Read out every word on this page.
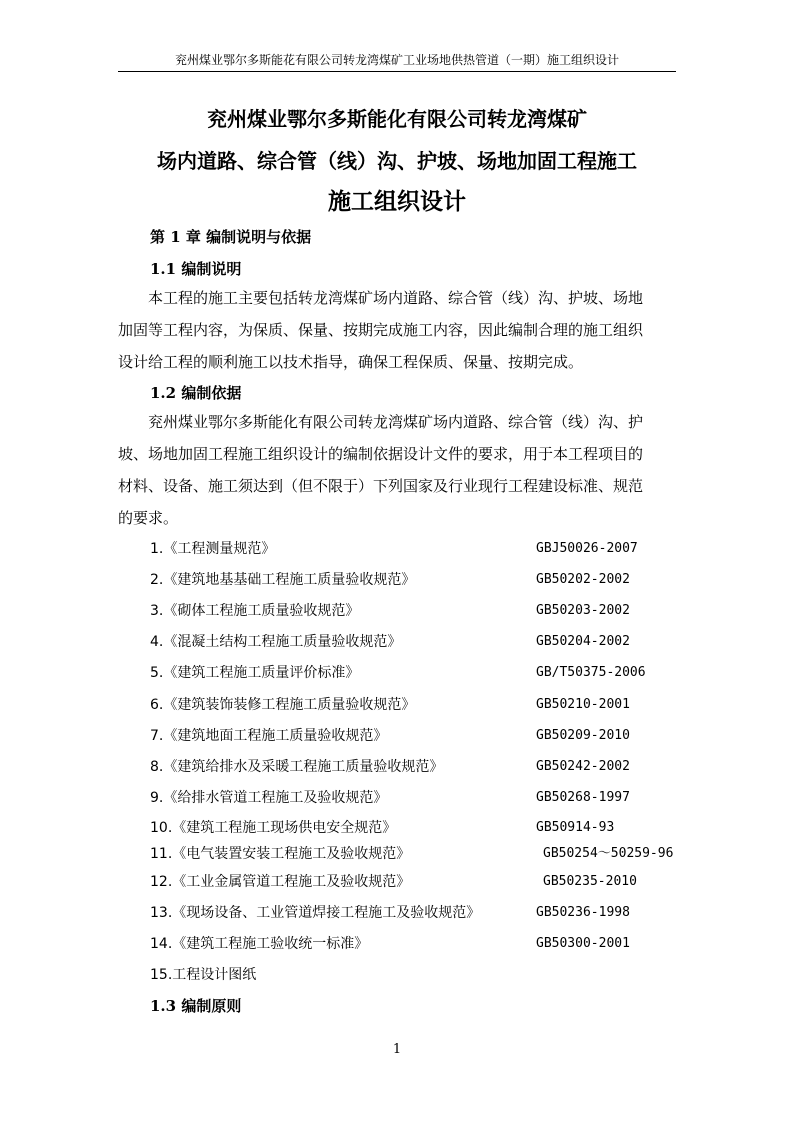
兖州煤业鄂尔多斯能花有限公司转龙湾煤矿工业场地供热管道（一期）施工组织设计
兖州煤业鄂尔多斯能化有限公司转龙湾煤矿
场内道路、综合管（线）沟、护坡、场地加固工程施工
施工组织设计
第 1 章 编制说明与依据
1.1 编制说明
本工程的施工主要包括转龙湾煤矿场内道路、综合管（线）沟、护坡、场地
加固等工程内容，为保质、保量、按期完成施工内容，因此编制合理的施工组织
设计给工程的顺利施工以技术指导，确保工程保质、保量、按期完成。
1.2 编制依据
兖州煤业鄂尔多斯能化有限公司转龙湾煤矿场内道路、综合管（线）沟、护
坡、场地加固工程施工组织设计的编制依据设计文件的要求，用于本工程项目的
材料、设备、施工须达到（但不限于）下列国家及行业现行工程建设标准、规范
的要求。
1.《工程测量规范》	GBJ50026-2007
2.《建筑地基基础工程施工质量验收规范》	GB50202-2002
3.《砌体工程施工质量验收规范》	GB50203-2002
4.《混凝土结构工程施工质量验收规范》	GB50204-2002
5.《建筑工程施工质量评价标准》	GB/T50375-2006
6.《建筑装饰装修工程施工质量验收规范》	GB50210-2001
7.《建筑地面工程施工质量验收规范》	GB50209-2010
8.《建筑给排水及采暖工程施工质量验收规范》	GB50242-2002
9.《给排水管道工程施工及验收规范》	GB50268-1997
10.《建筑工程施工现场供电安全规范》	GB50914-93
11.《电气装置安装工程施工及验收规范》	GB50254～50259-96
12.《工业金属管道工程施工及验收规范》	GB50235-2010
13.《现场设备、工业管道焊接工程施工及验收规范》	GB50236-1998
14.《建筑工程施工验收统一标准》	GB50300-2001
15.工程设计图纸
1.3 编制原则
1
